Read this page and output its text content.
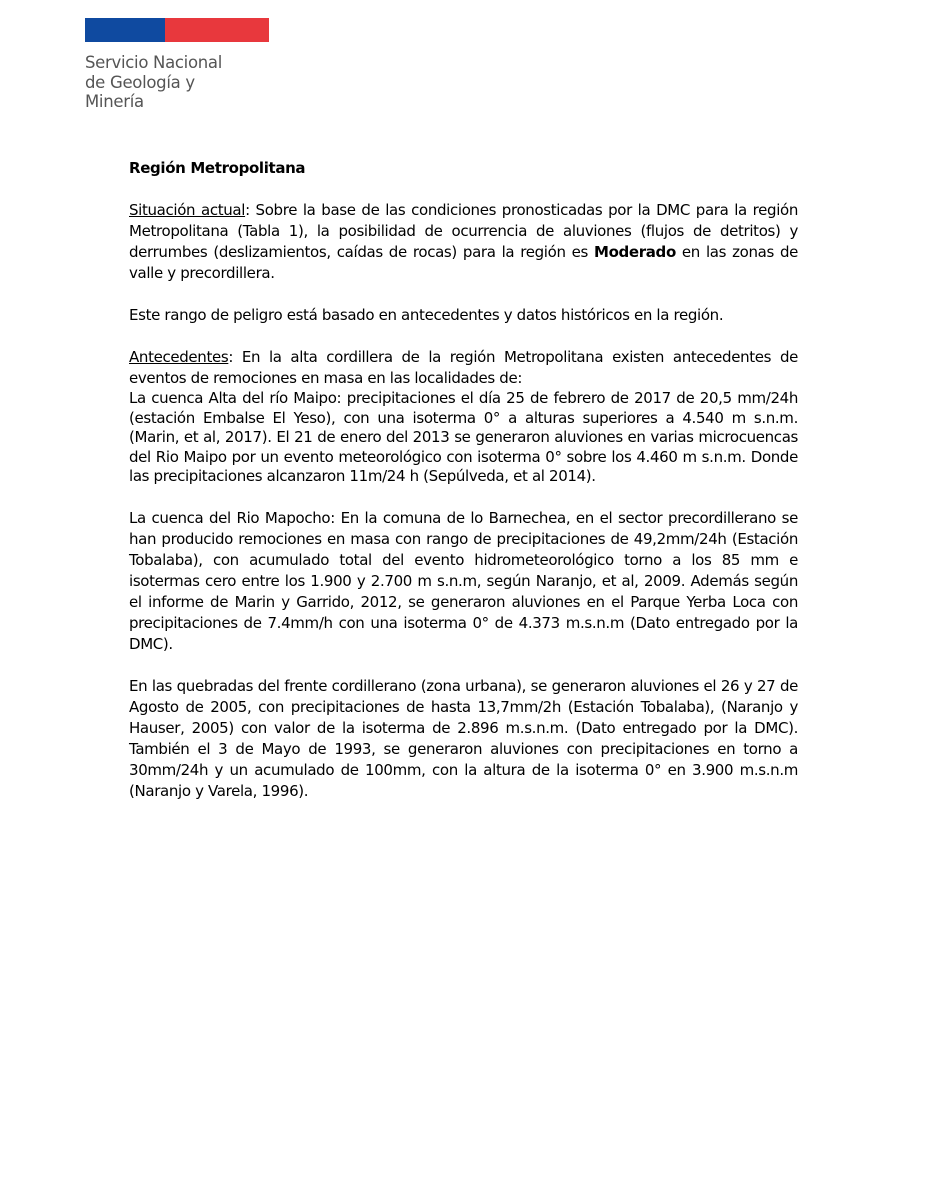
Servicio Nacional
de Geología y
Minería

Región Metropolitana

Situación actual: Sobre la base de las condiciones pronosticadas por la DMC para la región Metropolitana (Tabla 1), la posibilidad de ocurrencia de aluviones (flujos de detritos) y derrumbes (deslizamientos, caídas de rocas) para la región es Moderado en las zonas de valle y precordillera.

Este rango de peligro está basado en antecedentes y datos históricos en la región.

Antecedentes: En la alta cordillera de la región Metropolitana existen antecedentes de eventos de remociones en masa en las localidades de:

La cuenca Alta del río Maipo: precipitaciones el día 25 de febrero de 2017 de 20,5 mm/24h (estación Embalse El Yeso), con una isoterma 0° a alturas superiores a 4.540 m s.n.m. (Marin, et al, 2017). El 21 de enero del 2013 se generaron aluviones en varias microcuencas del Rio Maipo por un evento meteorológico con isoterma 0° sobre los 4.460 m s.n.m. Donde las precipitaciones alcanzaron 11m/24 h (Sepúlveda, et al 2014).

La cuenca del Rio Mapocho: En la comuna de lo Barnechea, en el sector precordillerano se han producido remociones en masa con rango de precipitaciones de 49,2mm/24h (Estación Tobalaba), con acumulado total del evento hidrometeorológico torno a los 85 mm e isotermas cero entre los 1.900 y 2.700 m s.n.m, según Naranjo, et al, 2009. Además según el informe de Marin y Garrido, 2012, se generaron aluviones en el Parque Yerba Loca con precipitaciones de 7.4mm/h con una isoterma 0° de 4.373 m.s.n.m (Dato entregado por la DMC).

En las quebradas del frente cordillerano (zona urbana), se generaron aluviones el 26 y 27 de Agosto de 2005, con precipitaciones de hasta 13,7mm/2h (Estación Tobalaba), (Naranjo y Hauser, 2005) con valor de la isoterma de 2.896 m.s.n.m. (Dato entregado por la DMC). También el 3 de Mayo de 1993, se generaron aluviones con precipitaciones en torno a 30mm/24h y un acumulado de 100mm, con la altura de la isoterma 0° en 3.900 m.s.n.m (Naranjo y Varela, 1996).
